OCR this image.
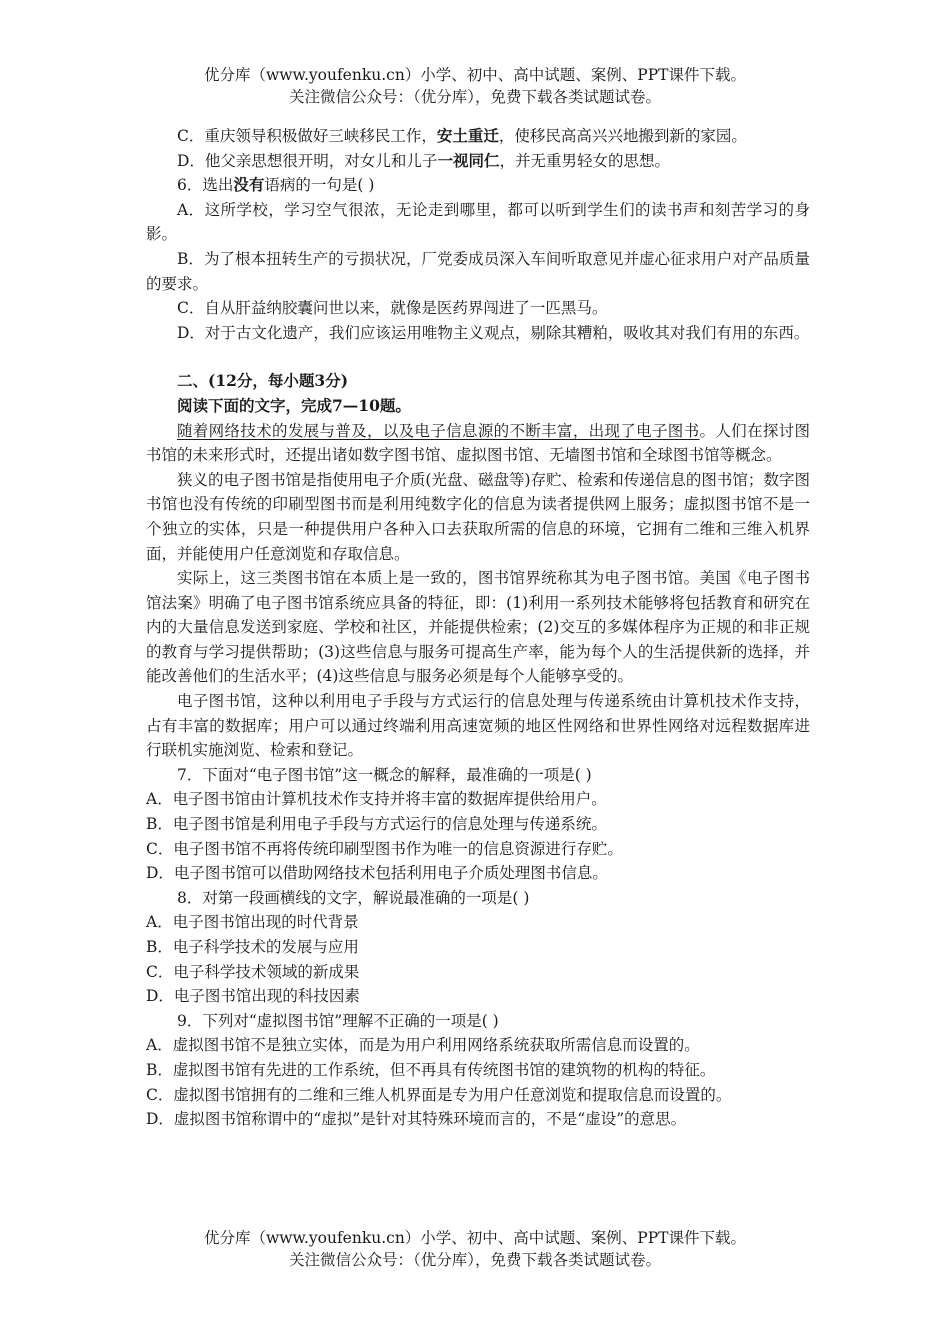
优分库（www.youfenku.cn）小学、初中、高中试题、案例、PPT课件下载。
关注微信公众号：（优分库），免费下载各类试题试卷。

C．重庆领导积极做好三峡移民工作，安土重迁，使移民高高兴兴地搬到新的家园。

D．他父亲思想很开明，对女儿和儿子一视同仁，并无重男轻女的思想。

6．选出没有语病的一句是( )

A．这所学校，学习空气很浓，无论走到哪里，都可以听到学生们的读书声和刻苦学习的身影。

B．为了根本扭转生产的亏损状况，厂党委成员深入车间听取意见并虚心征求用户对产品质量的要求。

C．自从肝益纳胶囊问世以来，就像是医药界闯进了一匹黑马。

D．对于古文化遗产，我们应该运用唯物主义观点，剔除其糟粕，吸收其对我们有用的东西。

二、(12分，每小题3分)

阅读下面的文字，完成7—10题。

随着网络技术的发展与普及，以及电子信息源的不断丰富，出现了电子图书。人们在探讨图书馆的未来形式时，还提出诸如数字图书馆、虚拟图书馆、无墙图书馆和全球图书馆等概念。

狭义的电子图书馆是指使用电子介质(光盘、磁盘等)存贮、检索和传递信息的图书馆；数字图书馆也没有传统的印刷型图书而是利用纯数字化的信息为读者提供网上服务；虚拟图书馆不是一个独立的实体，只是一种提供用户各种入口去获取所需的信息的环境，它拥有二维和三维入机界面，并能使用户任意浏览和存取信息。

实际上，这三类图书馆在本质上是一致的，图书馆界统称其为电子图书馆。美国《电子图书馆法案》明确了电子图书馆系统应具备的特征，即：(1)利用一系列技术能够将包括教育和研究在内的大量信息发送到家庭、学校和社区，并能提供检索；(2)交互的多媒体程序为正规的和非正规的教育与学习提供帮助；(3)这些信息与服务可提高生产率，能为每个人的生活提供新的选择，并能改善他们的生活水平；(4)这些信息与服务必须是每个人能够享受的。

电子图书馆，这种以利用电子手段与方式运行的信息处理与传递系统由计算机技术作支持，占有丰富的数据库；用户可以通过终端利用高速宽频的地区性网络和世界性网络对远程数据库进行联机实施浏览、检索和登记。

7．下面对“电子图书馆”这一概念的解释，最准确的一项是( )

A．电子图书馆由计算机技术作支持并将丰富的数据库提供给用户。

B．电子图书馆是利用电子手段与方式运行的信息处理与传递系统。

C．电子图书馆不再将传统印刷型图书作为唯一的信息资源进行存贮。

D．电子图书馆可以借助网络技术包括利用电子介质处理图书信息。

8．对第一段画横线的文字，解说最准确的一项是( )

A．电子图书馆出现的时代背景

B．电子科学技术的发展与应用

C．电子科学技术领域的新成果

D．电子图书馆出现的科技因素

9．下列对“虚拟图书馆”理解不正确的一项是( )

A．虚拟图书馆不是独立实体，而是为用户利用网络系统获取所需信息而设置的。

B．虚拟图书馆有先进的工作系统，但不再具有传统图书馆的建筑物的机构的特征。

C．虚拟图书馆拥有的二维和三维人机界面是专为用户任意浏览和提取信息而设置的。

D．虚拟图书馆称谓中的“虚拟”是针对其特殊环境而言的，不是“虚设”的意思。

优分库（www.youfenku.cn）小学、初中、高中试题、案例、PPT课件下载。
关注微信公众号：（优分库），免费下载各类试题试卷。
